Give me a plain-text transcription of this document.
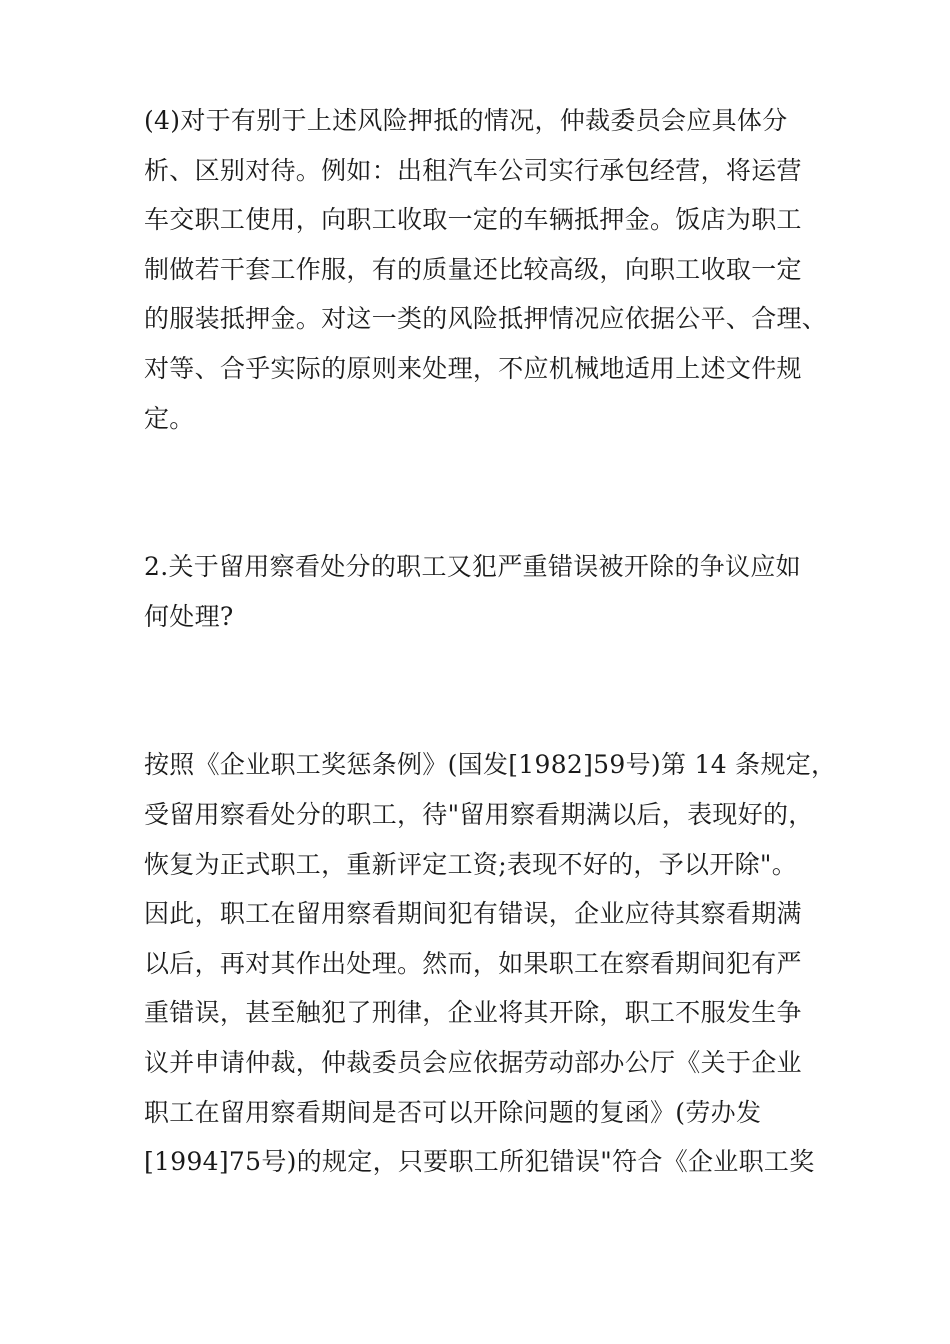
(4)对于有别于上述风险押抵的情况，仲裁委员会应具体分
析、区别对待。例如：出租汽车公司实行承包经营，将运营
车交职工使用，向职工收取一定的车辆抵押金。饭店为职工
制做若干套工作服，有的质量还比较高级，向职工收取一定
的服装抵押金。对这一类的风险抵押情况应依据公平、合理、
对等、合乎实际的原则来处理，不应机械地适用上述文件规
定。
2.关于留用察看处分的职工又犯严重错误被开除的争议应如
何处理?
按照《企业职工奖惩条例》(国发[1982]59号)第 14 条规定，
受留用察看处分的职工，待"留用察看期满以后，表现好的，
恢复为正式职工，重新评定工资;表现不好的，予以开除"。
因此，职工在留用察看期间犯有错误，企业应待其察看期满
以后，再对其作出处理。然而，如果职工在察看期间犯有严
重错误，甚至触犯了刑律，企业将其开除，职工不服发生争
议并申请仲裁，仲裁委员会应依据劳动部办公厅《关于企业
职工在留用察看期间是否可以开除问题的复函》(劳办发
[1994]75号)的规定，只要职工所犯错误"符合《企业职工奖
